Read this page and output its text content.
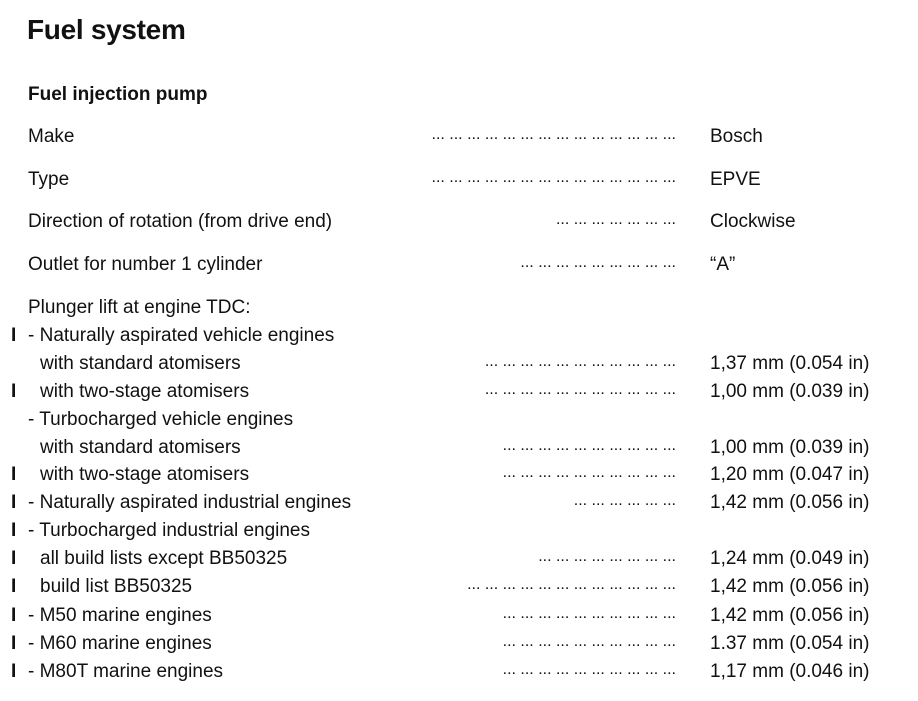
Fuel system
Fuel injection pump
Make	... ... ... ... ... ... ... ... ... ... ... ... ... ... Bosch
Type	... ... ... ... ... ... ... ... ... ... ... ... ... ... EPVE
Direction of rotation (from drive end)	... ... ... ... ... ... ... Clockwise
Outlet for number 1 cylinder	... ... ... ... ... ... ... ... ... “A”
Plunger lift at engine TDC:
I - Naturally aspirated vehicle engines
with standard atomisers	... ... ... ... ... ... ... ... ... ... ... 1,37 mm (0.054 in)
I with two-stage atomisers	... ... ... ... ... ... ... ... ... ... ... 1,00 mm (0.039 in)
- Turbocharged vehicle engines
with standard atomisers	... ... ... ... ... ... ... ... ... ... 1,00 mm (0.039 in)
I with two-stage atomisers	... ... ... ... ... ... ... ... ... ... 1,20 mm (0.047 in)
I - Naturally aspirated industrial engines	... ... ... ... ... ... 1,42 mm (0.056 in)
I - Turbocharged industrial engines
I all build lists except BB50325	... ... ... ... ... ... ... ... 1,24 mm (0.049 in)
I build list BB50325	... ... ... ... ... ... ... ... ... ... ... ... 1,42 mm (0.056 in)
I - M50 marine engines	... ... ... ... ... ... ... ... ... ... 1,42 mm (0.056 in)
I - M60 marine engines	... ... ... ... ... ... ... ... ... ... 1.37 mm (0.054 in)
I - M80T marine engines	... ... ... ... ... ... ... ... ... ... 1,17 mm (0.046 in)
